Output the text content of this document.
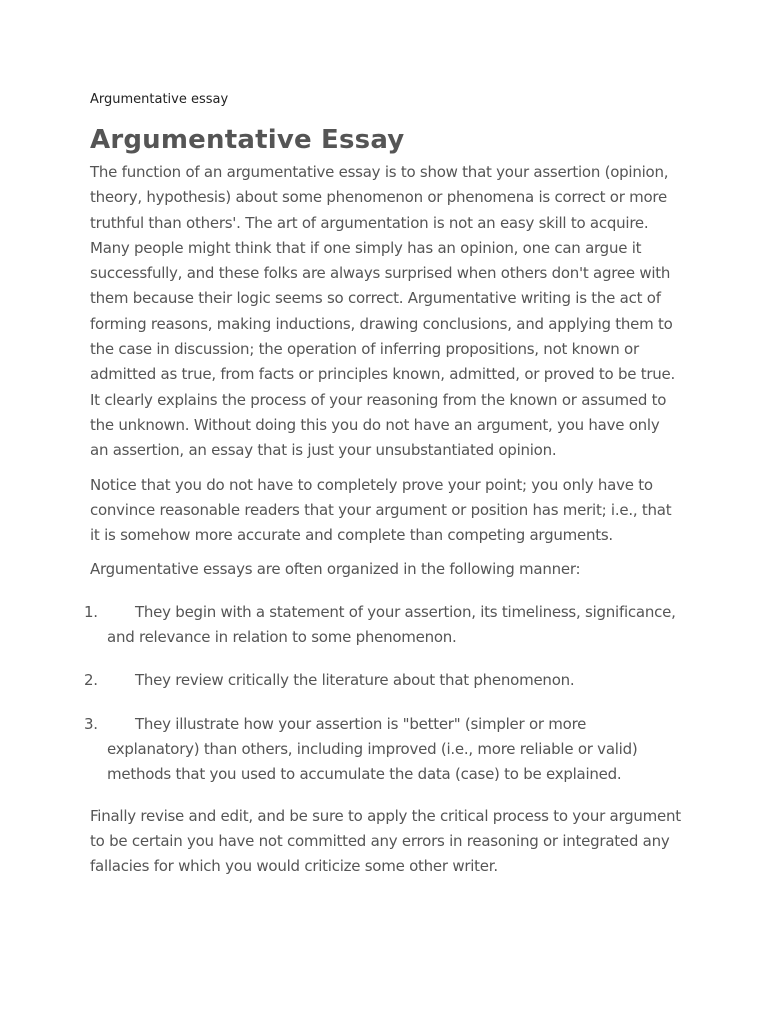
Argumentative essay
Argumentative Essay

The function of an argumentative essay is to show that your assertion (opinion, theory, hypothesis) about some phenomenon or phenomena is correct or more truthful than others'. The art of argumentation is not an easy skill to acquire. Many people might think that if one simply has an opinion, one can argue it successfully, and these folks are always surprised when others don't agree with them because their logic seems so correct. Argumentative writing is the act of forming reasons, making inductions, drawing conclusions, and applying them to the case in discussion; the operation of inferring propositions, not known or admitted as true, from facts or principles known, admitted, or proved to be true. It clearly explains the process of your reasoning from the known or assumed to the unknown. Without doing this you do not have an argument, you have only an assertion, an essay that is just your unsubstantiated opinion.

Notice that you do not have to completely prove your point; you only have to convince reasonable readers that your argument or position has merit; i.e., that it is somehow more accurate and complete than competing arguments.

Argumentative essays are often organized in the following manner:

1.	They begin with a statement of your assertion, its timeliness, significance, and relevance in relation to some phenomenon.
2.	They review critically the literature about that phenomenon.
3.	They illustrate how your assertion is "better" (simpler or more explanatory) than others, including improved (i.e., more reliable or valid) methods that you used to accumulate the data (case) to be explained.

Finally revise and edit, and be sure to apply the critical process to your argument to be certain you have not committed any errors in reasoning or integrated any fallacies for which you would criticize some other writer.
